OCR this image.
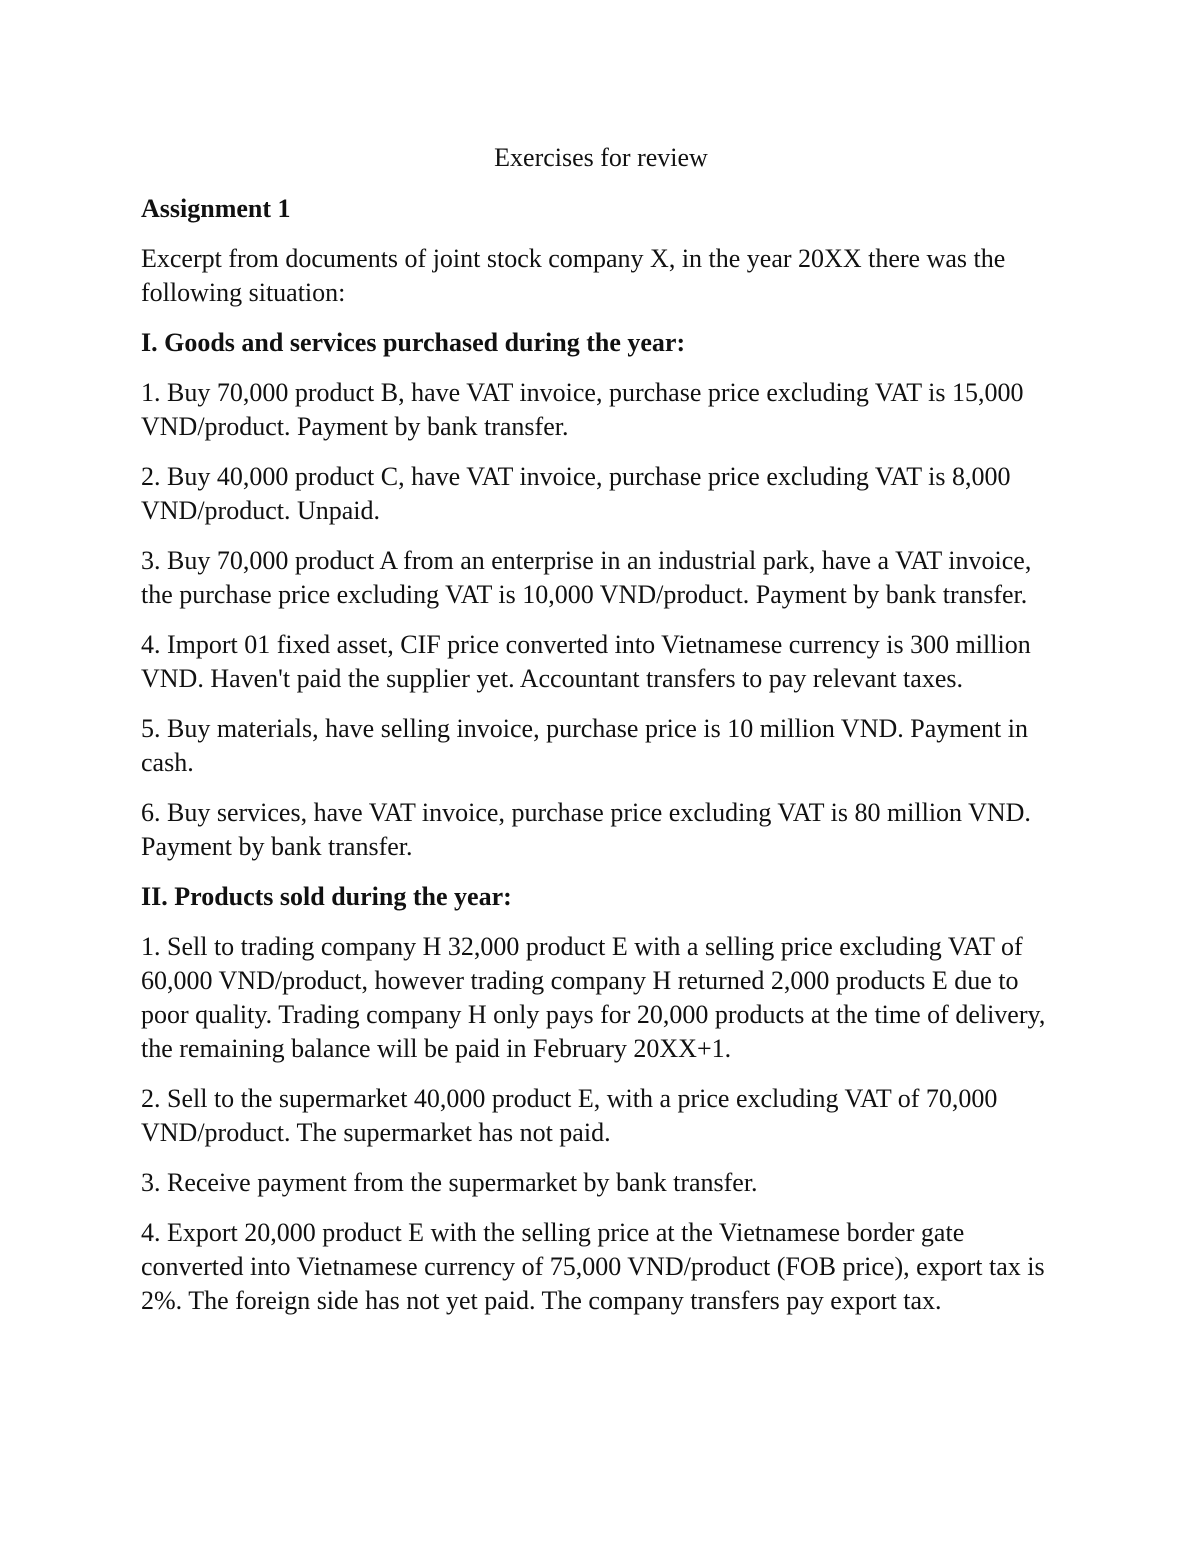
Exercises for review
Assignment 1

Excerpt from documents of joint stock company X, in the year 20XX there was the following situation:

I. Goods and services purchased during the year:

1. Buy 70,000 product B, have VAT invoice, purchase price excluding VAT is 15,000 VND/product. Payment by bank transfer.

2. Buy 40,000 product C, have VAT invoice, purchase price excluding VAT is 8,000 VND/product. Unpaid.

3. Buy 70,000 product A from an enterprise in an industrial park, have a VAT invoice, the purchase price excluding VAT is 10,000 VND/product. Payment by bank transfer.

4. Import 01 fixed asset, CIF price converted into Vietnamese currency is 300 million VND. Haven't paid the supplier yet. Accountant transfers to pay relevant taxes.

5. Buy materials, have selling invoice, purchase price is 10 million VND. Payment in cash.

6. Buy services, have VAT invoice, purchase price excluding VAT is 80 million VND. Payment by bank transfer.

II. Products sold during the year:

1. Sell to trading company H 32,000 product E with a selling price excluding VAT of 60,000 VND/product, however trading company H returned 2,000 products E due to poor quality. Trading company H only pays for 20,000 products at the time of delivery, the remaining balance will be paid in February 20XX+1.

2. Sell to the supermarket 40,000 product E, with a price excluding VAT of 70,000 VND/product. The supermarket has not paid.

3. Receive payment from the supermarket by bank transfer.

4. Export 20,000 product E with the selling price at the Vietnamese border gate converted into Vietnamese currency of 75,000 VND/product (FOB price), export tax is 2%. The foreign side has not yet paid. The company transfers pay export tax.
